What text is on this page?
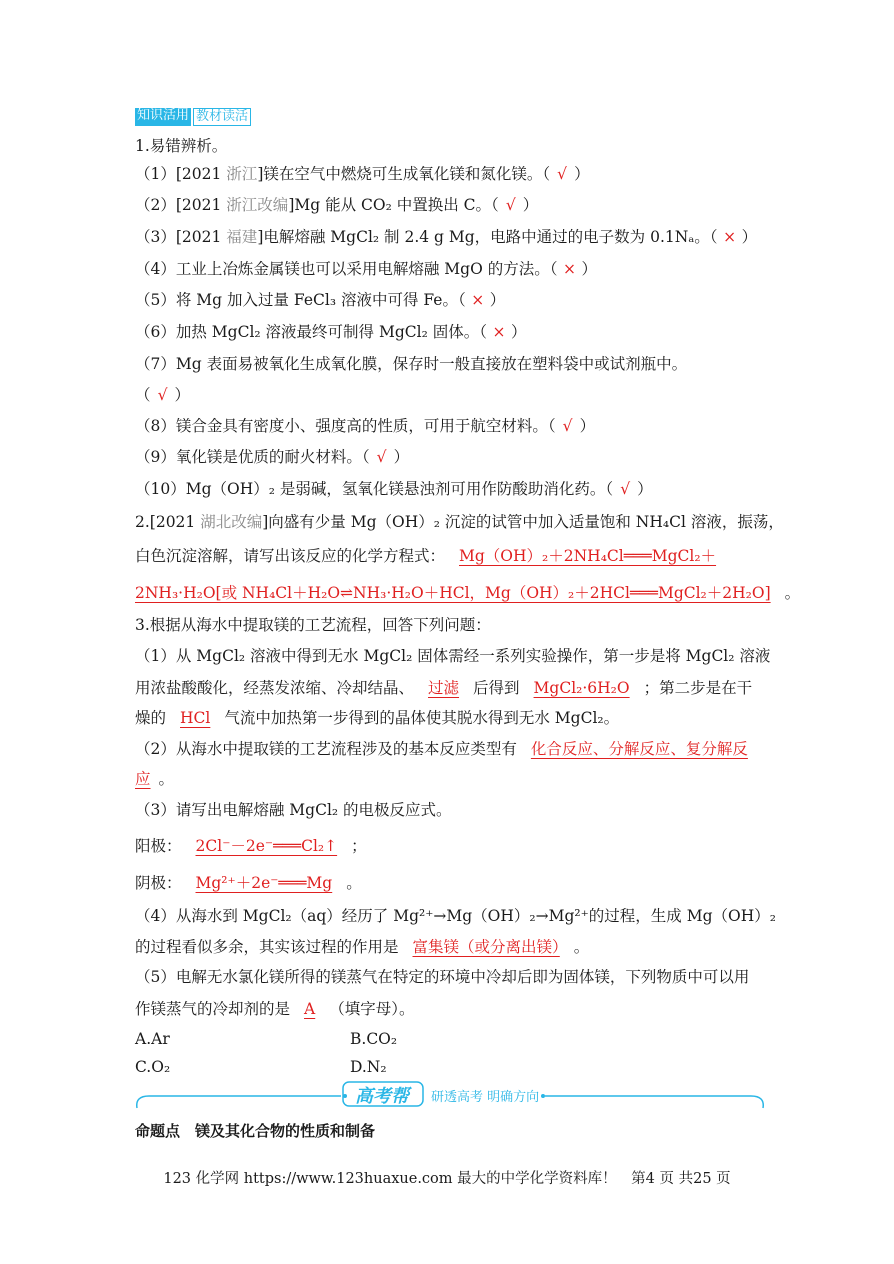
知识活用 教材读活
1.易错辨析。
（1）[2021 浙江]镁在空气中燃烧可生成氧化镁和氮化镁。（ √ ）
（2）[2021 浙江改编]Mg 能从 CO₂ 中置换出 C。（ √ ）
（3）[2021 福建]电解熔融 MgCl₂ 制 2.4 g Mg，电路中通过的电子数为 0.1Nₐ。（ × ）
（4）工业上冶炼金属镁也可以采用电解熔融 MgO 的方法。（ × ）
（5）将 Mg 加入过量 FeCl₃ 溶液中可得 Fe。（ × ）
（6）加热 MgCl₂ 溶液最终可制得 MgCl₂ 固体。（ × ）
（7）Mg 表面易被氧化生成氧化膜，保存时一般直接放在塑料袋中或试剂瓶中。
（ √ ）
（8）镁合金具有密度小、强度高的性质，可用于航空材料。（ √ ）
（9）氧化镁是优质的耐火材料。（ √ ）
（10）Mg（OH）₂ 是弱碱，氢氧化镁悬浊剂可用作防酸助消化药。（ √ ）
2.[2021 湖北改编]向盛有少量 Mg（OH）₂ 沉淀的试管中加入适量饱和 NH₄Cl 溶液，振荡，
白色沉淀溶解，请写出该反应的化学方程式： Mg（OH）₂＋2NH₄Cl═══MgCl₂＋
2NH₃·H₂O[或 NH₄Cl＋H₂O⇌NH₃·H₂O＋HCl，Mg（OH）₂＋2HCl═══MgCl₂＋2H₂O] 。
3.根据从海水中提取镁的工艺流程，回答下列问题：
（1）从 MgCl₂ 溶液中得到无水 MgCl₂ 固体需经一系列实验操作，第一步是将 MgCl₂ 溶液
用浓盐酸酸化，经蒸发浓缩、冷却结晶、 过滤 后得到 MgCl₂·6H₂O ；第二步是在干
燥的 HCl 气流中加热第一步得到的晶体使其脱水得到无水 MgCl₂。
（2）从海水中提取镁的工艺流程涉及的基本反应类型有 化合反应、分解反应、复分解反
应 。
（3）请写出电解熔融 MgCl₂ 的电极反应式。
阳极： 2Cl⁻－2e⁻═══Cl₂↑ ；
阴极： Mg²⁺＋2e⁻═══Mg 。
（4）从海水到 MgCl₂（aq）经历了 Mg²⁺→Mg（OH）₂→Mg²⁺的过程，生成 Mg（OH）₂
的过程看似多余，其实该过程的作用是 富集镁（或分离出镁） 。
（5）电解无水氯化镁所得的镁蒸气在特定的环境中冷却后即为固体镁，下列物质中可以用
作镁蒸气的冷却剂的是 A （填字母）。
A.Ar	B.CO₂
C.O₂	D.N₂
高考帮 研透高考 明确方向
命题点　镁及其化合物的性质和制备
123 化学网 https://www.123huaxue.com 最大的中学化学资料库！　第4 页 共25 页
